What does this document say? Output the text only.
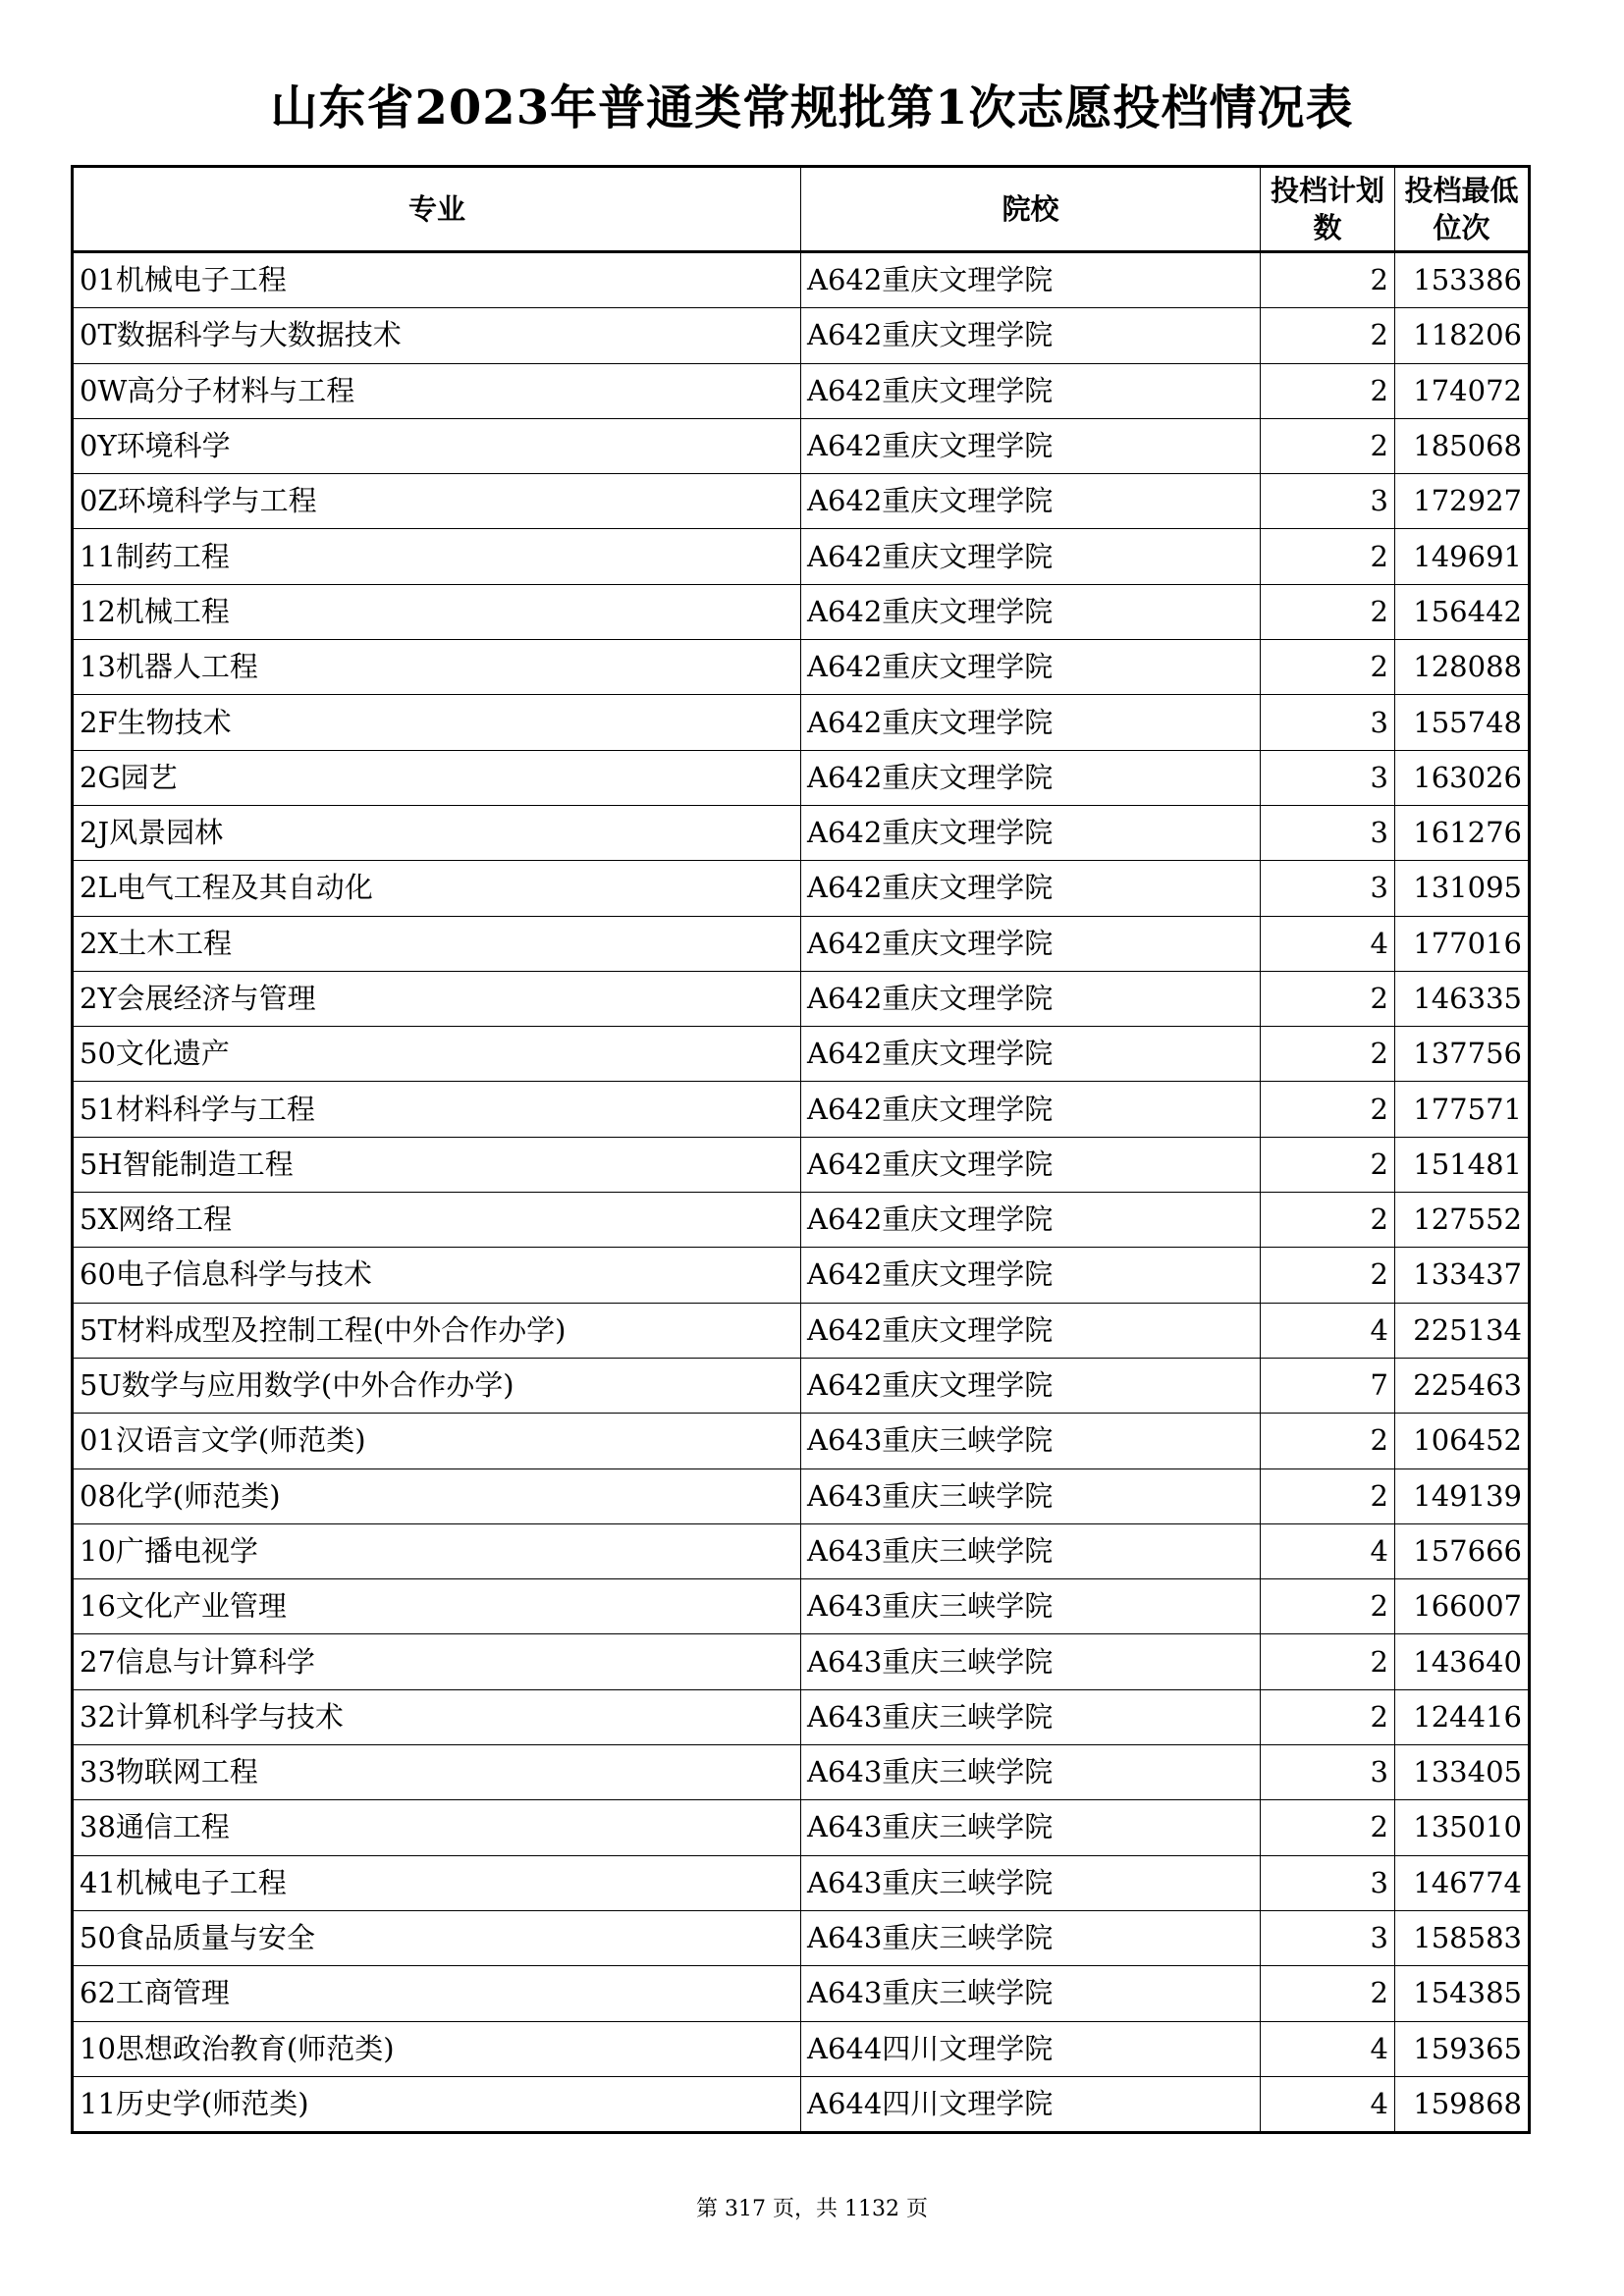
山东省2023年普通类常规批第1次志愿投档情况表
专业	院校	投档计划数	投档最低位次
01机械电子工程	A642重庆文理学院	2	153386
0T数据科学与大数据技术	A642重庆文理学院	2	118206
0W高分子材料与工程	A642重庆文理学院	2	174072
0Y环境科学	A642重庆文理学院	2	185068
0Z环境科学与工程	A642重庆文理学院	3	172927
11制药工程	A642重庆文理学院	2	149691
12机械工程	A642重庆文理学院	2	156442
13机器人工程	A642重庆文理学院	2	128088
2F生物技术	A642重庆文理学院	3	155748
2G园艺	A642重庆文理学院	3	163026
2J风景园林	A642重庆文理学院	3	161276
2L电气工程及其自动化	A642重庆文理学院	3	131095
2X土木工程	A642重庆文理学院	4	177016
2Y会展经济与管理	A642重庆文理学院	2	146335
50文化遗产	A642重庆文理学院	2	137756
51材料科学与工程	A642重庆文理学院	2	177571
5H智能制造工程	A642重庆文理学院	2	151481
5X网络工程	A642重庆文理学院	2	127552
60电子信息科学与技术	A642重庆文理学院	2	133437
5T材料成型及控制工程(中外合作办学)	A642重庆文理学院	4	225134
5U数学与应用数学(中外合作办学)	A642重庆文理学院	7	225463
01汉语言文学(师范类)	A643重庆三峡学院	2	106452
08化学(师范类)	A643重庆三峡学院	2	149139
10广播电视学	A643重庆三峡学院	4	157666
16文化产业管理	A643重庆三峡学院	2	166007
27信息与计算科学	A643重庆三峡学院	2	143640
32计算机科学与技术	A643重庆三峡学院	2	124416
33物联网工程	A643重庆三峡学院	3	133405
38通信工程	A643重庆三峡学院	2	135010
41机械电子工程	A643重庆三峡学院	3	146774
50食品质量与安全	A643重庆三峡学院	3	158583
62工商管理	A643重庆三峡学院	2	154385
10思想政治教育(师范类)	A644四川文理学院	4	159365
11历史学(师范类)	A644四川文理学院	4	159868
第 317 页，共 1132 页
